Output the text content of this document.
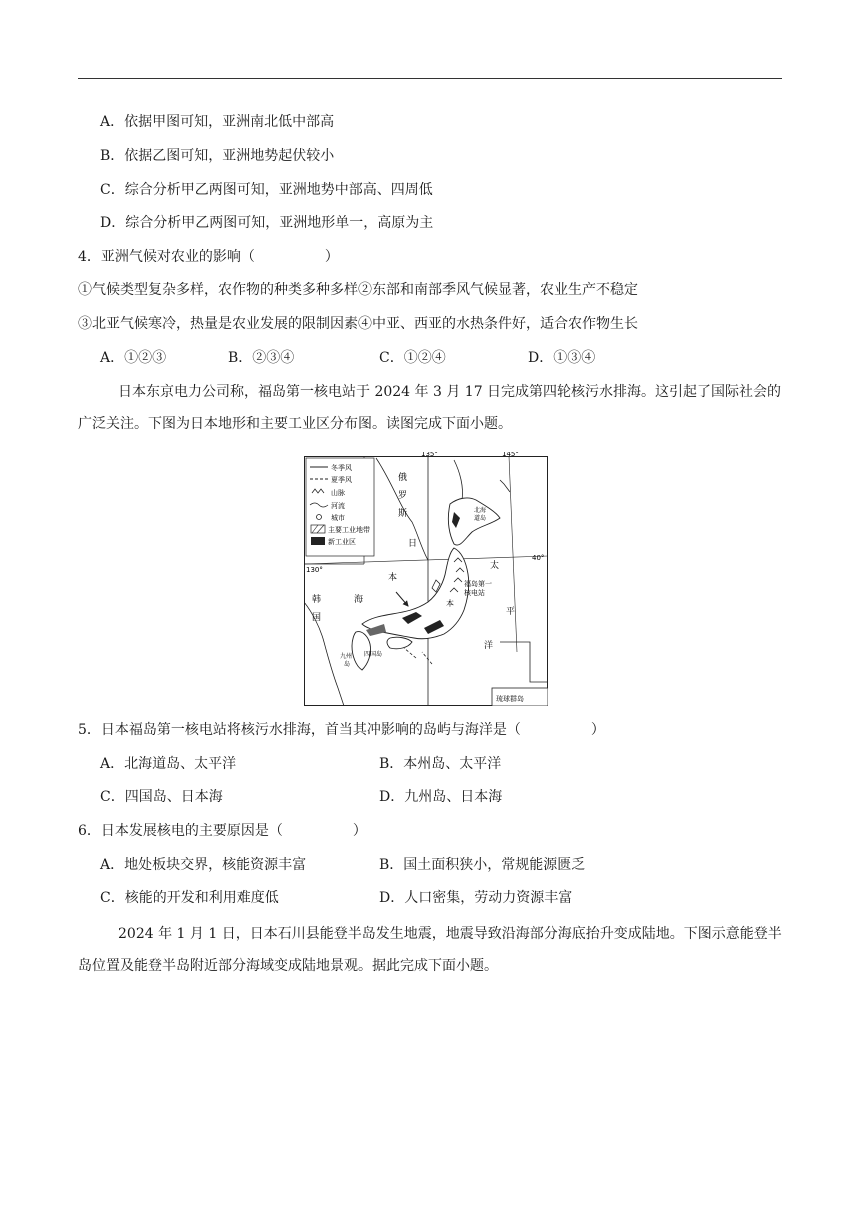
A．依据甲图可知，亚洲南北低中部高
B．依据乙图可知，亚洲地势起伏较小
C．综合分析甲乙两图可知，亚洲地势中部高、四周低
D．综合分析甲乙两图可知，亚洲地形单一，高原为主
4．亚洲气候对农业的影响（　　　　　）
①气候类型复杂多样，农作物的种类多种多样②东部和南部季风气候显著，农业生产不稳定
③北亚气候寒冷，热量是农业发展的限制因素④中亚、西亚的水热条件好，适合农作物生长
A．①②③	B．②③④	C．①②④	D．①③④
日本东京电力公司称，福岛第一核电站于 2024 年 3 月 17 日完成第四轮核污水排海。这引起了国际社会的广泛关注。下图为日本地形和主要工业区分布图。读图完成下面小题。
冬季风
夏季风
山脉
河流
城市
主要工业地带
新工业区
135°	145°
130°
40°
俄
罗
斯
日
本
海
韩
国
太
平
洋
本
北海
道岛
福岛第一
核电站
九州
岛
四国岛
琉球群岛
5．日本福岛第一核电站将核污水排海，首当其冲影响的岛屿与海洋是（　　　　　）
A．北海道岛、太平洋	B．本州岛、太平洋
C．四国岛、日本海	D．九州岛、日本海
6．日本发展核电的主要原因是（　　　　　）
A．地处板块交界，核能资源丰富	B．国土面积狭小，常规能源匮乏
C．核能的开发和利用难度低	D．人口密集，劳动力资源丰富
2024 年 1 月 1 日，日本石川县能登半岛发生地震，地震导致沿海部分海底抬升变成陆地。下图示意能登半岛位置及能登半岛附近部分海域变成陆地景观。据此完成下面小题。
